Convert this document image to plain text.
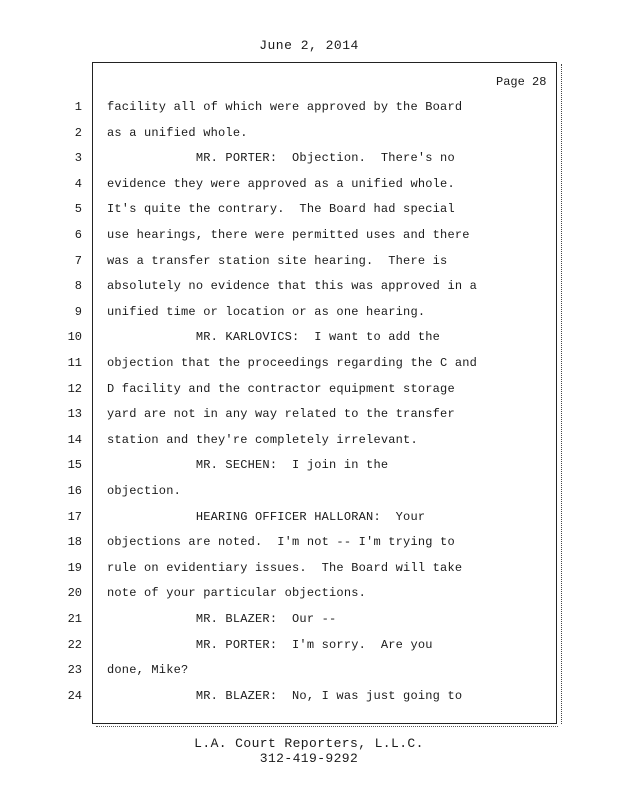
June 2, 2014
Page 28
1 facility all of which were approved by the Board
2 as a unified whole.
3 MR. PORTER:  Objection.  There's no
4 evidence they were approved as a unified whole.
5 It's quite the contrary.  The Board had special
6 use hearings, there were permitted uses and there
7 was a transfer station site hearing.  There is
8 absolutely no evidence that this was approved in a
9 unified time or location or as one hearing.
10 MR. KARLOVICS:  I want to add the
11 objection that the proceedings regarding the C and
12 D facility and the contractor equipment storage
13 yard are not in any way related to the transfer
14 station and they're completely irrelevant.
15 MR. SECHEN:  I join in the
16 objection.
17 HEARING OFFICER HALLORAN:  Your
18 objections are noted.  I'm not -- I'm trying to
19 rule on evidentiary issues.  The Board will take
20 note of your particular objections.
21 MR. BLAZER:  Our --
22 MR. PORTER:  I'm sorry.  Are you
23 done, Mike?
24 MR. BLAZER:  No, I was just going to
L.A. Court Reporters, L.L.C.
312-419-9292
